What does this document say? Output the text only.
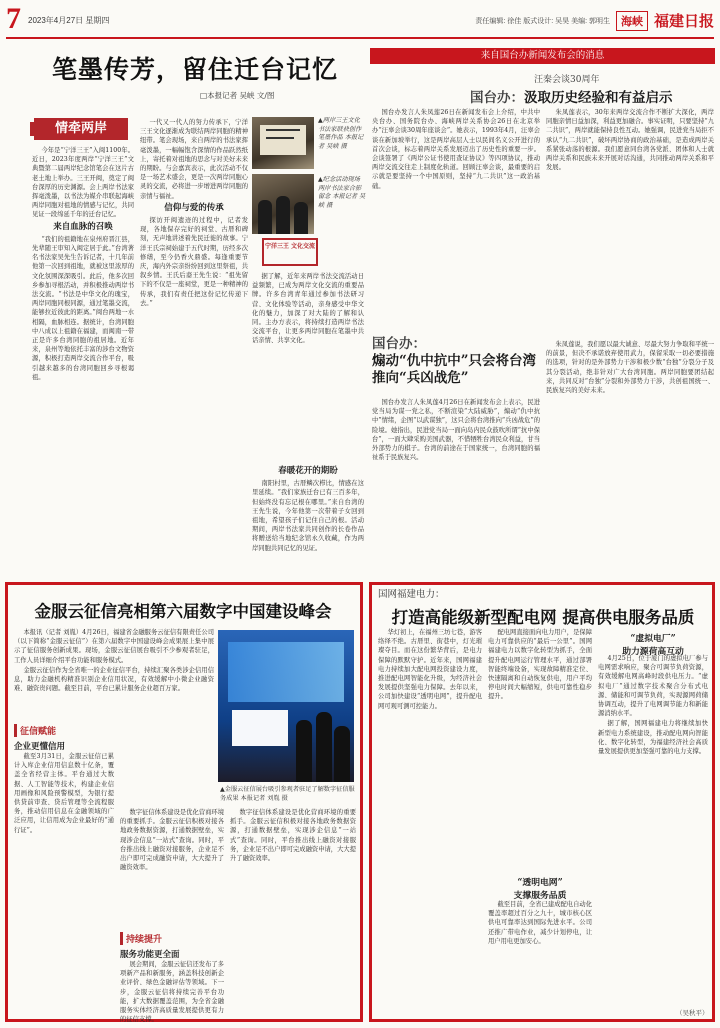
7 2023年4月27日 星期四	责任编辑: 徐佳 版式设计: 吴昊 美编: 郭明生	海峡 福建日报
笔墨传芳，留住迁台记忆
□本报记者 吴峡 文/图
情牵两岸

今年是“宁洋三王”入闽1100年。近日，2023年度两岸“宁洋三王”文典暨第二届两岸纪念馆笔会在这片古老土地上举办。三王开闽，奠定了闽台深厚的历史渊源。会上两岸书法家挥毫泼墨，以书法为媒介串联起海峡两岸同胞对祖地的情感与记忆，共同见证一段绵延千年的迁台记忆。

来自血脉的召唤

“我们的祖籍地在泉州府晋江县，先辈随王审知入闽定居于此。”台湾著名书法家吴先生告诉记者，十几年前他第一次回到祖地，就被这里浓厚的文化氛围深深吸引。此后，他多次回乡参加寻根活动，并积极推动两岸书法交流。“书法是中华文化的瑰宝，两岸同胞同根同源，通过笔墨交流，能够拉近彼此的距离。”闽台两地一水相隔，血脉相连。据统计，台湾同胞中八成以上祖籍在福建，而闽南一带正是许多台湾同胞的祖居地。近年来，泉州等地依托丰富的涉台文物资源，积极打造两岸交流合作平台，吸引越来越多的台湾同胞回乡寻根谒祖。

一代又一代人的努力传承下，宁洋三王文化逐渐成为联结两岸同胞的精神纽带。笔会现场，来自两岸的书法家挥毫泼墨，一幅幅饱含深情的作品跃然纸上，寄托着对祖地的思念与对美好未来的期盼。与会嘉宾表示，此次活动不仅是一场艺术盛会，更是一次两岸同胞心灵的交流，必将进一步增进两岸同胞的亲情与福祉。

信仰与爱的传承

探访开闽遗迹的过程中，记者发现，各地保存完好的祠堂、古厝和碑刻，无声地讲述着先民迁徙的故事。宁洋王氏宗祠始建于五代时期，历经多次修缮，至今仍香火鼎盛。每逢重要节庆，海内外宗亲纷纷回到这里祭祖，共叙乡情。王氏后裔王先生说：“祖先留下的不仅是一座祠堂，更是一种精神的传承，我们有责任把这份记忆传递下去。”

▲两岸三王文化书法家联袂创作笔墨作品 本报记者 吴峡 摄
▲纪念活动现场 两岸书法家合影留念 本报记者 吴峡 摄
宁洋三王 文化交流

据了解，近年来两岸书法交流活动日益频繁，已成为两岸文化交流的重要品牌。许多台湾青年通过参加书法研习营、文化体验等活动，亲身感受中华文化的魅力，加深了对大陆的了解和认同。主办方表示，将持续打造两岸书法交流平台，让更多两岸同胞在笔墨中共话亲情、共享文化。

春暖花开的期盼

南阳村里，古厝鳞次栉比，情感在这里延续。“我们家族迁台已有三百多年，但始终没有忘记根在哪里。”来自台湾的王先生说，今年他第一次带着子女回到祖地，希望孩子们记住自己的根。活动期间，两岸书法家共同创作的长卷作品将赠送给当地纪念馆永久收藏，作为两岸同胞共同记忆的见证。

来自国台办新闻发布会的消息
汪秦会谈30周年
国台办：汲取历史经验和有益启示

国台办发言人朱凤莲26日在新闻发布会上介绍，中共中央台办、国务院台办、海峡两岸关系协会26日在北京举办“汪辜会谈30周年座谈会”。她表示，1993年4月，汪辜会谈在新加坡举行，这是两岸高层人士以民间名义公开进行的首次会谈，标志着两岸关系发展迈出了历史性的重要一步。会谈签署了《两岸公证书使用查证协议》等四项协议，推动两岸交流交往走上制度化轨道。回顾汪辜会谈，最重要的启示就是要坚持一个中国原则，坚持“九二共识”这一政治基础。

朱凤莲表示，30年来两岸交流合作不断扩大深化，两岸同胞亲情日益加深，利益更加融合。事实证明，只要坚持“九二共识”，两岸就能保持良性互动。她强调，民进党当局拒不承认“九二共识”，破坏两岸协商的政治基础，是造成两岸关系紧张动荡的根源。我们愿意同台湾各党派、团体和人士就两岸关系和民族未来开展对话沟通，共同推动两岸关系和平发展。

国台办：
煽动“仇中抗中”只会将台湾推向“兵凶战危”

国台办发言人朱凤莲4月26日在新闻发布会上表示，民进党当局为谋一党之私，不断渲染“大陆威胁”，煽动“仇中抗中”情绪，企图“以武谋独”，这只会将台湾推向“兵凶战危”的险境。她指出，民进党当局一面向岛内民众鼓吹所谓“抗中保台”，一面大肆采购美国武器，不惜牺牲台湾民众利益，甘当外部势力的棋子。台湾的前途在于国家统一，台湾同胞的福祉系于民族复兴。

朱凤莲说，我们愿以最大诚意、尽最大努力争取和平统一的前景，但决不承诺放弃使用武力，保留采取一切必要措施的选项，针对的是外部势力干涉和极少数“台独”分裂分子及其分裂活动，绝非针对广大台湾同胞。两岸同胞要团结起来，共同反对“台独”分裂和外部势力干涉，共创祖国统一、民族复兴的美好未来。

金服云征信亮相第六届数字中国建设峰会

本报讯（记者 刘胤）4月26日，福建省金融服务云征信有限责任公司（以下简称“金服云征信”）在第六届数字中国建设峰会成果展上集中展示了征信服务创新成果。现场，金服云征信展台吸引不少参观者驻足，工作人员详细介绍平台功能和服务模式。

金服云征信作为全省唯一的企业征信平台，持续汇聚各类涉企信用信息，助力金融机构精准识别企业信用状况，有效缓解中小微企业融资难、融资贵问题。截至目前，平台已累计服务企业超百万家。

▲金服云征信展台吸引参观者驻足了解数字征信服务成果 本报记者 刘胤 摄
征信赋能
企业更懂信用

截至3月31日，金服云征信已累计入库企业信用信息数十亿条，覆盖全省经营主体。平台通过大数据、人工智能等技术，构建企业信用画像和风险预警模型，为银行提供贷前审查、贷后管理等全流程服务，推动信用信息在金融领域的广泛应用，让信用成为企业最好的“通行证”。

数字征信体系建设是优化营商环境的重要抓手。金服云征信积极对接各地政务数据资源，打通数据壁垒，实现涉企信息“一站式”查询。同时，平台推出线上融资对接服务，企业足不出户即可完成融资申请，大大提升了融资效率。

持续提升
服务功能更全面

展会期间，金服云征信还发布了多项新产品和新服务，涵盖科技创新企业评价、绿色金融评估等领域。下一步，金服云征信将持续完善平台功能，扩大数据覆盖范围，为全省金融服务实体经济高质量发展提供更有力的征信支撑。

数字征信体系建设是优化营商环境的重要抓手。金服云征信积极对接各地政务数据资源，打通数据壁垒，实现涉企信息“一站式”查询。同时，平台推出线上融资对接服务，企业足不出户即可完成融资申请，大大提升了融资效率。

国网福建电力：
打造高能级新型配电网 提高供电服务品质

华灯初上，在福州三坊七巷，游客络绎不绝。古厝里、街巷中，灯光璀璨夺目。而在这份繁华背后，是电力保障的默默守护。近年来，国网福建电力持续加大配电网投资建设力度，推进配电网智能化升级，为经济社会发展提供坚强电力保障。去年以来，公司加快建设“透明电网”，提升配电网可观可测可控能力。

配电网直接面向电力用户，是保障电力可靠供应的“最后一公里”。国网福建电力以数字化转型为抓手，全面提升配电网运行管理水平，通过部署智能终端设备，实现故障精准定位、快速隔离和自动恢复供电，用户平均停电时间大幅缩短，供电可靠性稳步提升。

“透明电网”
支撑服务品质

截至目前，全省已建成配电自动化覆盖率超过百分之九十，城市核心区供电可靠率达到国际先进水平。公司还推广带电作业，减少计划停电，让用户用电更加安心。

“虚拟电厂”
助力源荷高互动

4月25日，位于厦门的虚拟电厂参与电网需求响应，聚合可调节负荷资源，有效缓解电网高峰时段供电压力。“虚拟电厂”通过数字技术聚合分布式电源、储能和可调节负荷，实现源网荷储协调互动，提升了电网调节能力和新能源消纳水平。

据了解，国网福建电力将继续加快新型电力系统建设，推动配电网向智能化、数字化转型，为福建经济社会高质量发展提供更加坚强可靠的电力支撑。

（吴秋平）
